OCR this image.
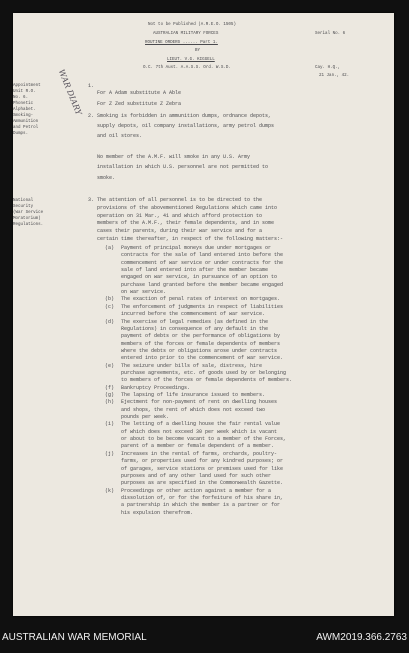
Not to be Published (A.R.E.O. 1505)
AUSTRALIAN MILITARY FORCES	Serial No. 6
ROUTINE ORDERS ...... Part 1.
BY
LIEUT. V.G. KIGGELL
O.C. 7th Aust. A.A.S.S. Ord. W.S.D.	Cay. H.Q.,
21 Jan., 42.
WAR DIARY
Appointment
Unit R.O.
No. 6.
Phonetic
Alphabet.
1.
For A Adam substitute A Able
For Z Zed substitute Z Zebra
Smoking-
Ammunition
and Petrol
Dumps.
2. Smoking is forbidden in ammunition dumps, ordnance depots,
supply depots, oil company installations, army petrol dumps
and oil stores.
No member of the A.M.F. will smoke in any U.S. Army
installation in which U.S. personnel are not permitted to
smoke.
National
Security
(War Service
Moratorium)
Regulations.
3. The attention of all personnel is to be directed to the
provisions of the abovementioned Regulations which came into
operation on 31 Mar., 41 and which afford protection to
members of the A.M.F., their female dependents, and in some
cases their parents, during their war service and for a
certain time thereafter, in respect of the following matters:-
(a) Payment of principal moneys due under mortgages or
contracts for the sale of land entered into before the
commencement of war service or under contracts for the
sale of land entered into after the member became
engaged on war service, in pursuance of an option to
purchase land granted before the member became engaged
on war service.
(b) The exaction of penal rates of interest on mortgages.
(c) The enforcement of judgments in respect of liabilities
incurred before the commencement of war service.
(d) The exercise of legal remedies (as defined in the
Regulations) in consequence of any default in the
payment of debts or the performance of obligations by
members of the forces or female dependents of members
where the debts or obligations arose under contracts
entered into prior to the commencement of war service.
(e) The seizure under bills of sale, distress, hire
purchase agreements, etc. of goods used by or belonging
to members of the forces or female dependents of members.
(f) Bankruptcy Proceedings.
(g) The lapsing of life insurance issued to members.
(h) Ejectment for non-payment of rent on dwelling houses
and shops, the rent of which does not exceed two
pounds per week.
(i) The letting of a dwelling house the fair rental value
of which does not exceed 30 per week which is vacant
or about to be become vacant to a member of the Forces,
parent of a member or female dependent of a member.
(j) Increases in the rental of farms, orchards, poultry-
farms, or properties used for any kindred purposes; or
of garages, service stations or premises used for like
purposes and of any other land used for such other
purposes as are specified in the Commonwealth Gazette.
(k) Proceedings or other action against a member for a
dissolution of, or for the forfeiture of his share in,
a partnership in which the member is a partner or for
his expulsion therefrom.
AUSTRALIAN WAR MEMORIAL	AWM2019.366.2763
